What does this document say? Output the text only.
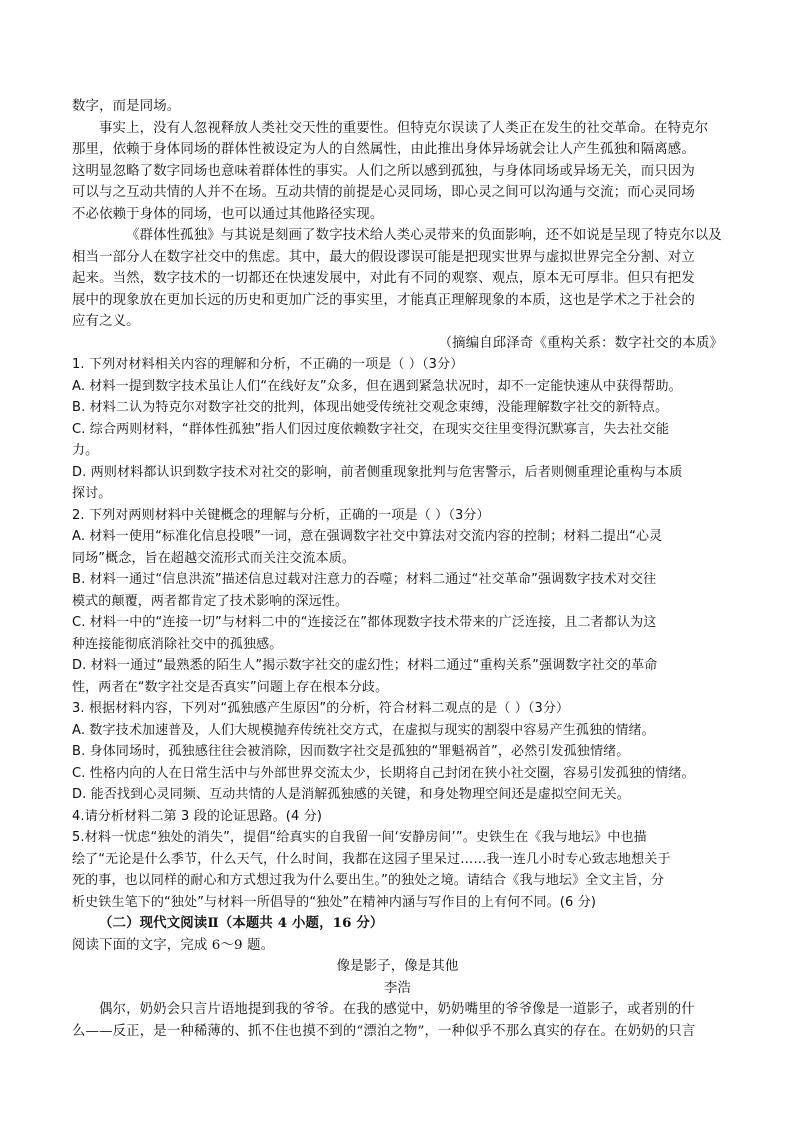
数字，而是同场。
事实上，没有人忽视释放人类社交天性的重要性。但特克尔误读了人类正在发生的社交革命。在特克尔
那里，依赖于身体同场的群体性被设定为人的自然属性，由此推出身体异场就会让人产生孤独和隔离感。
这明显忽略了数字同场也意味着群体性的事实。人们之所以感到孤独，与身体同场或异场无关，而只因为
可以与之互动共情的人并不在场。互动共情的前提是心灵同场，即心灵之间可以沟通与交流；而心灵同场
不必依赖于身体的同场，也可以通过其他路径实现。
《群体性孤独》与其说是刻画了数字技术给人类心灵带来的负面影响，还不如说是呈现了特克尔以及
相当一部分人在数字社交中的焦虑。其中，最大的假设谬误可能是把现实世界与虚拟世界完全分割、对立
起来。当然，数字技术的一切都还在快速发展中，对此有不同的观察、观点，原本无可厚非。但只有把发
展中的现象放在更加长远的历史和更加广泛的事实里，才能真正理解现象的本质，这也是学术之于社会的
应有之义。
（摘编自邱泽奇《重构关系：数字社交的本质》
1. 下列对材料相关内容的理解和分析，不正确的一项是（ ）（3分）
A. 材料一提到数字技术虽让人们“在线好友”众多，但在遇到紧急状况时，却不一定能快速从中获得帮助。
B. 材料二认为特克尔对数字社交的批判，体现出她受传统社交观念束缚，没能理解数字社交的新特点。
C. 综合两则材料，“群体性孤独”指人们因过度依赖数字社交，在现实交往里变得沉默寡言，失去社交能
力。
D. 两则材料都认识到数字技术对社交的影响，前者侧重现象批判与危害警示，后者则侧重理论重构与本质
探讨。
2. 下列对两则材料中关键概念的理解与分析，正确的一项是（ ）（3分）
A. 材料一使用“标准化信息投喂”一词，意在强调数字社交中算法对交流内容的控制；材料二提出“心灵
同场”概念，旨在超越交流形式而关注交流本质。
B. 材料一通过“信息洪流”描述信息过载对注意力的吞噬；材料二通过“社交革命”强调数字技术对交往
模式的颠覆，两者都肯定了技术影响的深远性。
C. 材料一中的“连接一切”与材料二中的“连接泛在”都体现数字技术带来的广泛连接，且二者都认为这
种连接能彻底消除社交中的孤独感。
D. 材料一通过“最熟悉的陌生人”揭示数字社交的虚幻性；材料二通过“重构关系”强调数字社交的革命
性，两者在“数字社交是否真实”问题上存在根本分歧。
3. 根据材料内容，下列对“孤独感产生原因”的分析，符合材料二观点的是（ ）（3分）
A. 数字技术加速普及，人们大规模抛弃传统社交方式，在虚拟与现实的割裂中容易产生孤独的情绪。
B. 身体同场时，孤独感往往会被消除，因而数字社交是孤独的“罪魁祸首”，必然引发孤独情绪。
C. 性格内向的人在日常生活中与外部世界交流太少，长期将自己封闭在狭小社交圈，容易引发孤独的情绪。
D. 能否找到心灵同频、互动共情的人是消解孤独感的关键，和身处物理空间还是虚拟空间无关。
4.请分析材料二第 3 段的论证思路。(4 分)
5.材料一忧虑“独处的消失”，提倡“给真实的自我留一间‘安静房间’”。史铁生在《我与地坛》中也描
绘了“无论是什么季节，什么天气，什么时间，我都在这园子里呆过……我一连几小时专心致志地想关于
死的事，也以同样的耐心和方式想过我为什么要出生。”的独处之境。请结合《我与地坛》全文主旨，分
析史铁生笔下的“独处”与材料一所倡导的“独处”在精神内涵与写作目的上有何不同。(6 分)
（二）现代文阅读Ⅱ（本题共 4 小题，16 分）
阅读下面的文字，完成 6～9 题。
像是影子，像是其他
李浩
偶尔，奶奶会只言片语地提到我的爷爷。在我的感觉中，奶奶嘴里的爷爷像是一道影子，或者别的什
么——反正，是一种稀薄的、抓不住也摸不到的“漂泊之物”，一种似乎不那么真实的存在。在奶奶的只言
